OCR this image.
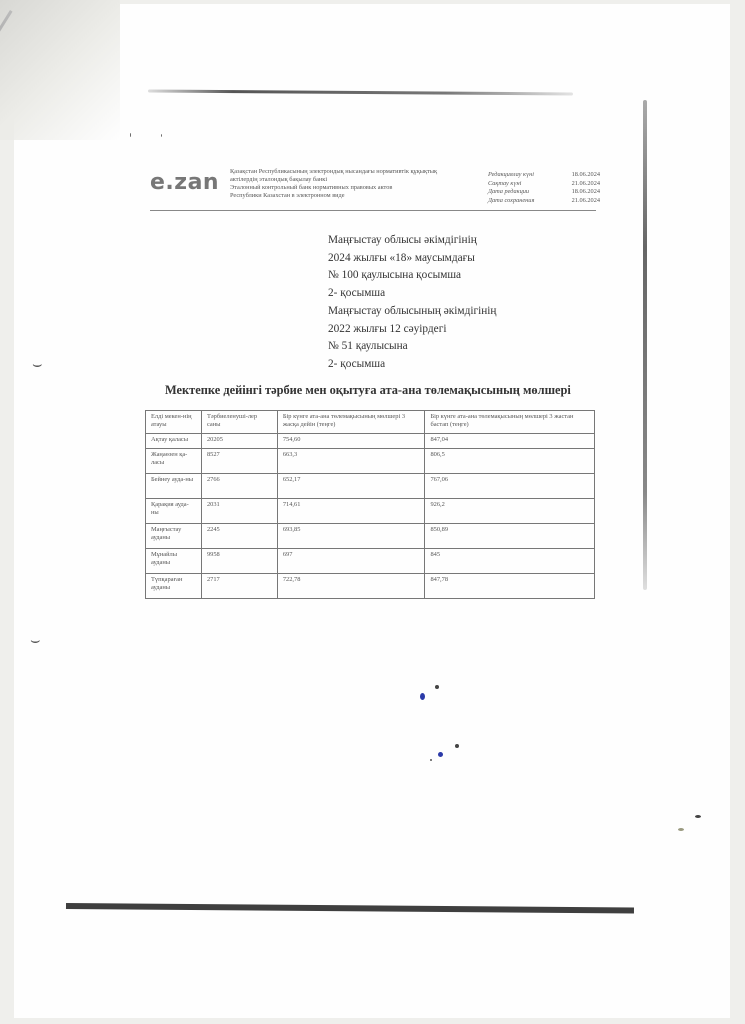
⌣
⌣
e.zan Қазақстан Республикасының электрондық нысандағы нормативтік құқықтық
актілердің эталондық бақылау банкі
Эталонный контрольный банк нормативных правовых актов
Республики Казахстан в электронном виде
Редакциялау күні	18.06.2024
Сақтау күні	21.06.2024
Дата редакции	18.06.2024
Дата сохранения	21.06.2024
Маңғыстау облысы әкімдігінің
2024 жылғы «18» маусымдағы
№ 100 қаулысына қосымша
2- қосымша
Маңғыстау облысының әкімдігінің
2022 жылғы 12 сәуірдегі
№ 51 қаулысына
2- қосымша
Мектепке дейінгі тәрбие мен оқытуға ата-ана төлемақысының мөлшері
Елді мекен-нің атауы	Тәрбиеленуші-лер саны	Бір күнге ата-ана төлемақысының мөлшері 3 жасқа дейін (теңге)	Бір күнге ата-ана төлемақысының мөлшері 3 жастан бастап (теңге)
Ақтау қаласы	20205	754,60	847,04
Жаңаөзен қа-ласы	8527	663,3	806,5
Бейнеу ауда-ны	2766	652,17	767,06
Қарақия ауда-ны	2031	714,61	926,2
Маңғыстау ауданы	2245	693,85	850,89
Мұнайлы ауданы	9958	697	845
Түпқараған ауданы	2717	722,78	847,78
